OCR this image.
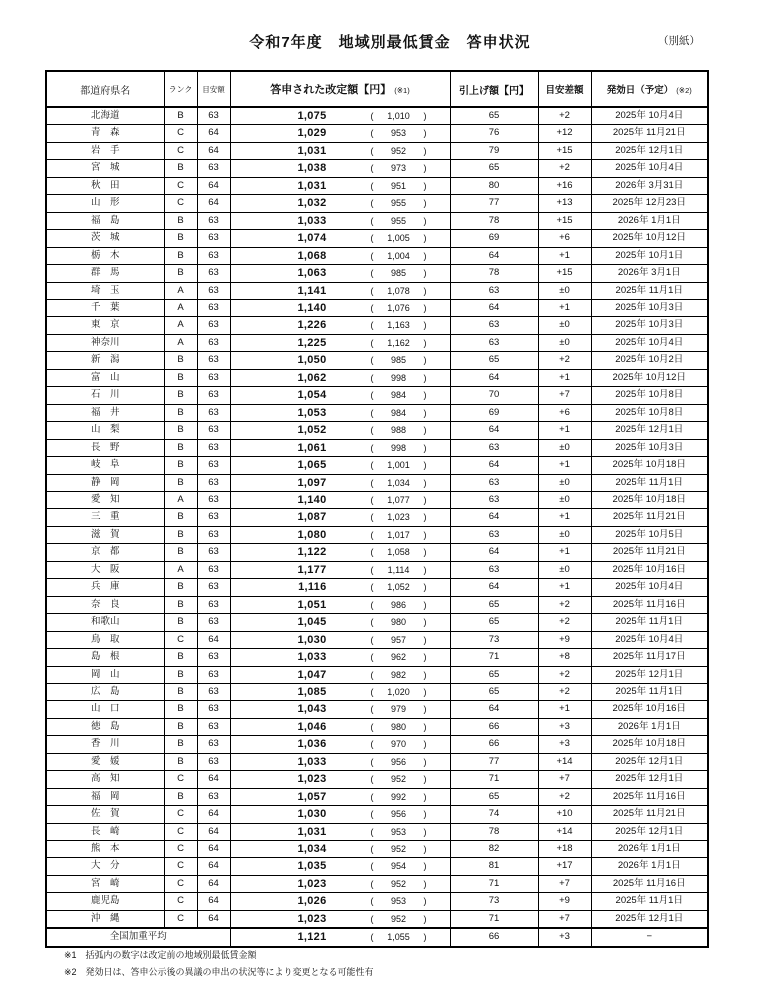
令和7年度　地域別最低賃金　答申状況	（別紙）
都道府県名	ランク	目安額	答申された改定額【円】 (※1)	引上げ額【円】	目安差額	発効日（予定） (※2)
北海道	B	63	1,075 ( 1,010 )	65	+2	2025年 10月4日
青　森	C	64	1,029 ( 953 )	76	+12	2025年 11月21日
岩　手	C	64	1,031 ( 952 )	79	+15	2025年 12月1日
宮　城	B	63	1,038 ( 973 )	65	+2	2025年 10月4日
秋　田	C	64	1,031 ( 951 )	80	+16	2026年 3月31日
山　形	C	64	1,032 ( 955 )	77	+13	2025年 12月23日
福　島	B	63	1,033 ( 955 )	78	+15	2026年 1月1日
茨　城	B	63	1,074 ( 1,005 )	69	+6	2025年 10月12日
栃　木	B	63	1,068 ( 1,004 )	64	+1	2025年 10月1日
群　馬	B	63	1,063 ( 985 )	78	+15	2026年 3月1日
埼　玉	A	63	1,141 ( 1,078 )	63	±0	2025年 11月1日
千　葉	A	63	1,140 ( 1,076 )	64	+1	2025年 10月3日
東　京	A	63	1,226 ( 1,163 )	63	±0	2025年 10月3日
神奈川	A	63	1,225 ( 1,162 )	63	±0	2025年 10月4日
新　潟	B	63	1,050 ( 985 )	65	+2	2025年 10月2日
富　山	B	63	1,062 ( 998 )	64	+1	2025年 10月12日
石　川	B	63	1,054 ( 984 )	70	+7	2025年 10月8日
福　井	B	63	1,053 ( 984 )	69	+6	2025年 10月8日
山　梨	B	63	1,052 ( 988 )	64	+1	2025年 12月1日
長　野	B	63	1,061 ( 998 )	63	±0	2025年 10月3日
岐　阜	B	63	1,065 ( 1,001 )	64	+1	2025年 10月18日
静　岡	B	63	1,097 ( 1,034 )	63	±0	2025年 11月1日
愛　知	A	63	1,140 ( 1,077 )	63	±0	2025年 10月18日
三　重	B	63	1,087 ( 1,023 )	64	+1	2025年 11月21日
滋　賀	B	63	1,080 ( 1,017 )	63	±0	2025年 10月5日
京　都	B	63	1,122 ( 1,058 )	64	+1	2025年 11月21日
大　阪	A	63	1,177 ( 1,114 )	63	±0	2025年 10月16日
兵　庫	B	63	1,116 ( 1,052 )	64	+1	2025年 10月4日
奈　良	B	63	1,051 ( 986 )	65	+2	2025年 11月16日
和歌山	B	63	1,045 ( 980 )	65	+2	2025年 11月1日
鳥　取	C	64	1,030 ( 957 )	73	+9	2025年 10月4日
島　根	B	63	1,033 ( 962 )	71	+8	2025年 11月17日
岡　山	B	63	1,047 ( 982 )	65	+2	2025年 12月1日
広　島	B	63	1,085 ( 1,020 )	65	+2	2025年 11月1日
山　口	B	63	1,043 ( 979 )	64	+1	2025年 10月16日
徳　島	B	63	1,046 ( 980 )	66	+3	2026年 1月1日
香　川	B	63	1,036 ( 970 )	66	+3	2025年 10月18日
愛　媛	B	63	1,033 ( 956 )	77	+14	2025年 12月1日
高　知	C	64	1,023 ( 952 )	71	+7	2025年 12月1日
福　岡	B	63	1,057 ( 992 )	65	+2	2025年 11月16日
佐　賀	C	64	1,030 ( 956 )	74	+10	2025年 11月21日
長　崎	C	64	1,031 ( 953 )	78	+14	2025年 12月1日
熊　本	C	64	1,034 ( 952 )	82	+18	2026年 1月1日
大　分	C	64	1,035 ( 954 )	81	+17	2026年 1月1日
宮　崎	C	64	1,023 ( 952 )	71	+7	2025年 11月16日
鹿児島	C	64	1,026 ( 953 )	73	+9	2025年 11月1日
沖　縄	C	64	1,023 ( 952 )	71	+7	2025年 12月1日
全国加重平均			1,121 ( 1,055 )	66	+3	−
※1　括弧内の数字は改定前の地域別最低賃金額
※2　発効日は、答申公示後の異議の申出の状況等により変更となる可能性有
